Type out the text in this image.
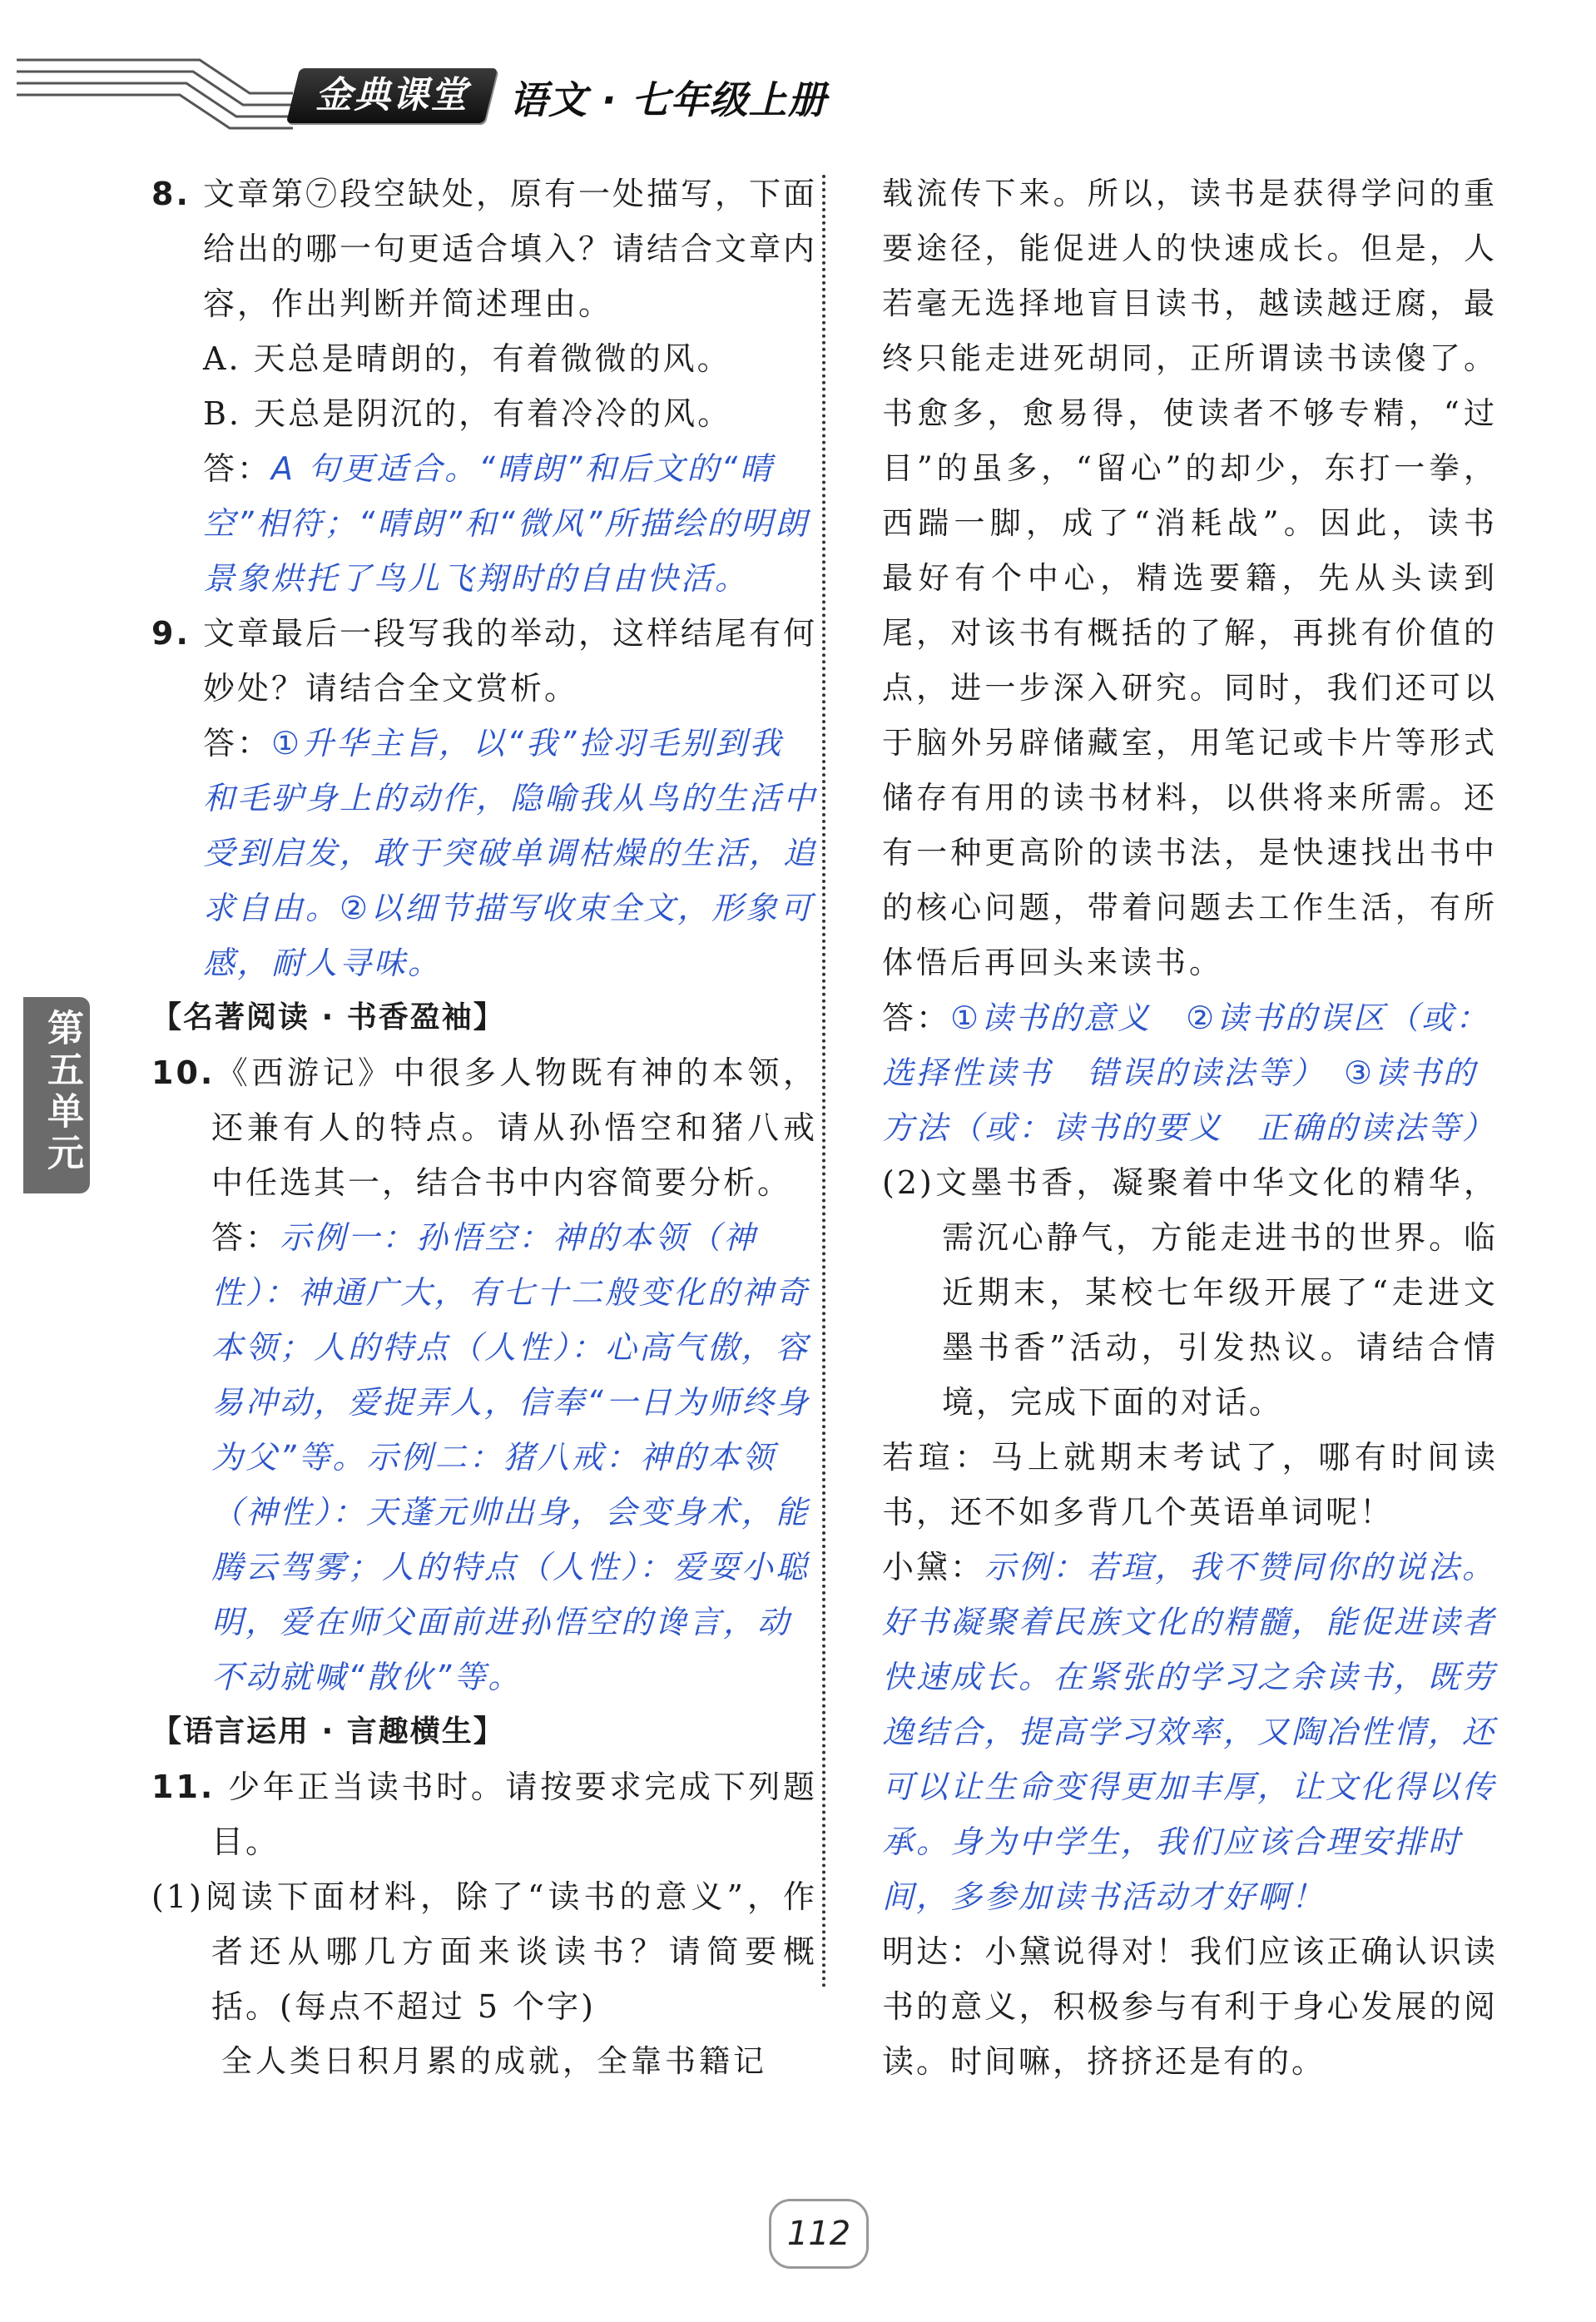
金典课堂	语文 · 七年级上册

8. 文章第⑦段空缺处，原有一处描写，下面给出的哪一句更适合填入？请结合文章内容，作出判断并简述理由。

A. 天总是晴朗的，有着微微的风。

B. 天总是阴沉的，有着冷冷的风。

答：A 句更适合。“晴朗”和后文的“晴空”相符；“晴朗”和“微风”所描绘的明朗景象烘托了鸟儿飞翔时的自由快活。

9. 文章最后一段写我的举动，这样结尾有何妙处？请结合全文赏析。

答：①升华主旨，以“我”捡羽毛别到我和毛驴身上的动作，隐喻我从鸟的生活中受到启发，敢于突破单调枯燥的生活，追求自由。②以细节描写收束全文，形象可感，耐人寻味。

【名著阅读 · 书香盈袖】

10.《西游记》中很多人物既有神的本领，还兼有人的特点。请从孙悟空和猪八戒中任选其一，结合书中内容简要分析。

答：示例一：孙悟空：神的本领（神性）：神通广大，有七十二般变化的神奇本领；人的特点（人性）：心高气傲，容易冲动，爱捉弄人，信奉“一日为师终身为父”等。示例二：猪八戒：神的本领（神性）：天蓬元帅出身，会变身术，能腾云驾雾；人的特点（人性）：爱耍小聪明，爱在师父面前进孙悟空的谗言，动不动就喊“散伙”等。

【语言运用 · 言趣横生】

11. 少年正当读书时。请按要求完成下列题目。

(1)阅读下面材料，除了“读书的意义”，作者还从哪几方面来谈读书？请简要概括。(每点不超过 5 个字)

全人类日积月累的成就，全靠书籍记

载流传下来。所以，读书是获得学问的重要途径，能促进人的快速成长。但是，人若毫无选择地盲目读书，越读越迂腐，最终只能走进死胡同，正所谓读书读傻了。书愈多，愈易得，使读者不够专精，“过目”的虽多，“留心”的却少，东打一拳，西踹一脚，成了“消耗战”。因此，读书最好有个中心，精选要籍，先从头读到尾，对该书有概括的了解，再挑有价值的点，进一步深入研究。同时，我们还可以于脑外另辟储藏室，用笔记或卡片等形式储存有用的读书材料，以供将来所需。还有一种更高阶的读书法，是快速找出书中的核心问题，带着问题去工作生活，有所体悟后再回头来读书。

答：①读书的意义　②读书的误区（或：选择性读书　错误的读法等）　③读书的方法（或：读书的要义　正确的读法等）

(2)文墨书香，凝聚着中华文化的精华，需沉心静气，方能走进书的世界。临近期末，某校七年级开展了“走进文墨书香”活动，引发热议。请结合情境，完成下面的对话。

若瑄：马上就期末考试了，哪有时间读书，还不如多背几个英语单词呢！

小黛：示例：若瑄，我不赞同你的说法。好书凝聚着民族文化的精髓，能促进读者快速成长。在紧张的学习之余读书，既劳逸结合，提高学习效率，又陶冶性情，还可以让生命变得更加丰厚，让文化得以传承。身为中学生，我们应该合理安排时间，多参加读书活动才好啊！

明达：小黛说得对！我们应该正确认识读书的意义，积极参与有利于身心发展的阅读。时间嘛，挤挤还是有的。

第五单元
112
